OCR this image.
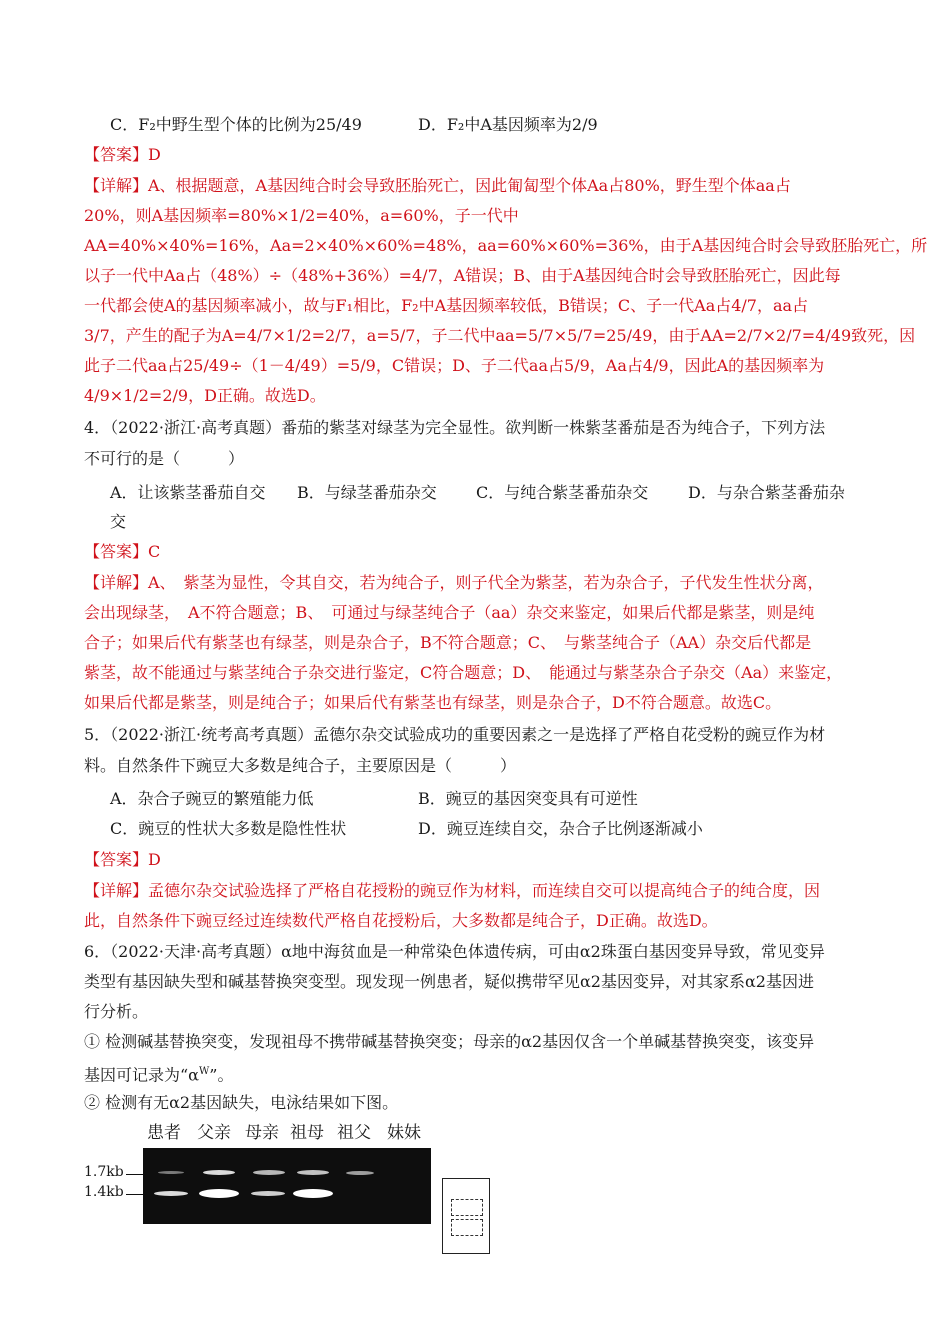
C．F₂中野生型个体的比例为25/49	D．F₂中A基因频率为2/9
【答案】D
【详解】A、根据题意，A基因纯合时会导致胚胎死亡，因此匍匐型个体Aa占80%，野生型个体aa占
20%，则A基因频率=80%×1/2=40%，a=60%，子一代中
AA=40%×40%=16%，Aa=2×40%×60%=48%，aa=60%×60%=36%，由于A基因纯合时会导致胚胎死亡，所
以子一代中Aa占（48%）÷（48%+36%）=4/7，A错误；B、由于A基因纯合时会导致胚胎死亡，因此每
一代都会使A的基因频率减小，故与F₁相比，F₂中A基因频率较低，B错误；C、子一代Aa占4/7，aa占
3/7，产生的配子为A=4/7×1/2=2/7，a=5/7，子二代中aa=5/7×5/7=25/49，由于AA=2/7×2/7=4/49致死，因
此子二代aa占25/49÷（1－4/49）=5/9，C错误；D、子二代aa占5/9，Aa占4/9，因此A的基因频率为
4/9×1/2=2/9，D正确。故选D。
4．（2022·浙江·高考真题）番茄的紫茎对绿茎为完全显性。欲判断一株紫茎番茄是否为纯合子，下列方法
不可行的是（　　　）
A．让该紫茎番茄自交 B．与绿茎番茄杂交 C．与纯合紫茎番茄杂交 D．与杂合紫茎番茄杂
交
【答案】C
【详解】A、　紫茎为显性，令其自交，若为纯合子，则子代全为紫茎，若为杂合子，子代发生性状分离，
会出现绿茎，　A不符合题意；B、　可通过与绿茎纯合子（aa）杂交来鉴定，如果后代都是紫茎，则是纯
合子；如果后代有紫茎也有绿茎，则是杂合子，B不符合题意；C、　与紫茎纯合子（AA）杂交后代都是
紫茎，故不能通过与紫茎纯合子杂交进行鉴定，C符合题意；D、　能通过与紫茎杂合子杂交（Aa）来鉴定，
如果后代都是紫茎，则是纯合子；如果后代有紫茎也有绿茎，则是杂合子，D不符合题意。故选C。
5．（2022·浙江·统考高考真题）孟德尔杂交试验成功的重要因素之一是选择了严格自花受粉的豌豆作为材
料。自然条件下豌豆大多数是纯合子，主要原因是（　　　）
A．杂合子豌豆的繁殖能力低	B．豌豆的基因突变具有可逆性
C．豌豆的性状大多数是隐性性状	D．豌豆连续自交，杂合子比例逐渐减小
【答案】D
【详解】孟德尔杂交试验选择了严格自花授粉的豌豆作为材料，而连续自交可以提高纯合子的纯合度，因
此，自然条件下豌豆经过连续数代严格自花授粉后，大多数都是纯合子，D正确。故选D。
6．（2022·天津·高考真题）α地中海贫血是一种常染色体遗传病，可由α2珠蛋白基因变异导致，常见变异
类型有基因缺失型和碱基替换突变型。现发现一例患者，疑似携带罕见α2基因变异，对其家系α2基因进
行分析。
① 检测碱基替换突变，发现祖母不携带碱基替换突变；母亲的α2基因仅含一个单碱基替换突变，该变异
基因可记录为“$\alpha^W$”。
② 检测有无α2基因缺失，电泳结果如下图。
患者 父亲 母亲 祖母 祖父 妹妹
1.7kb
1.4kb
